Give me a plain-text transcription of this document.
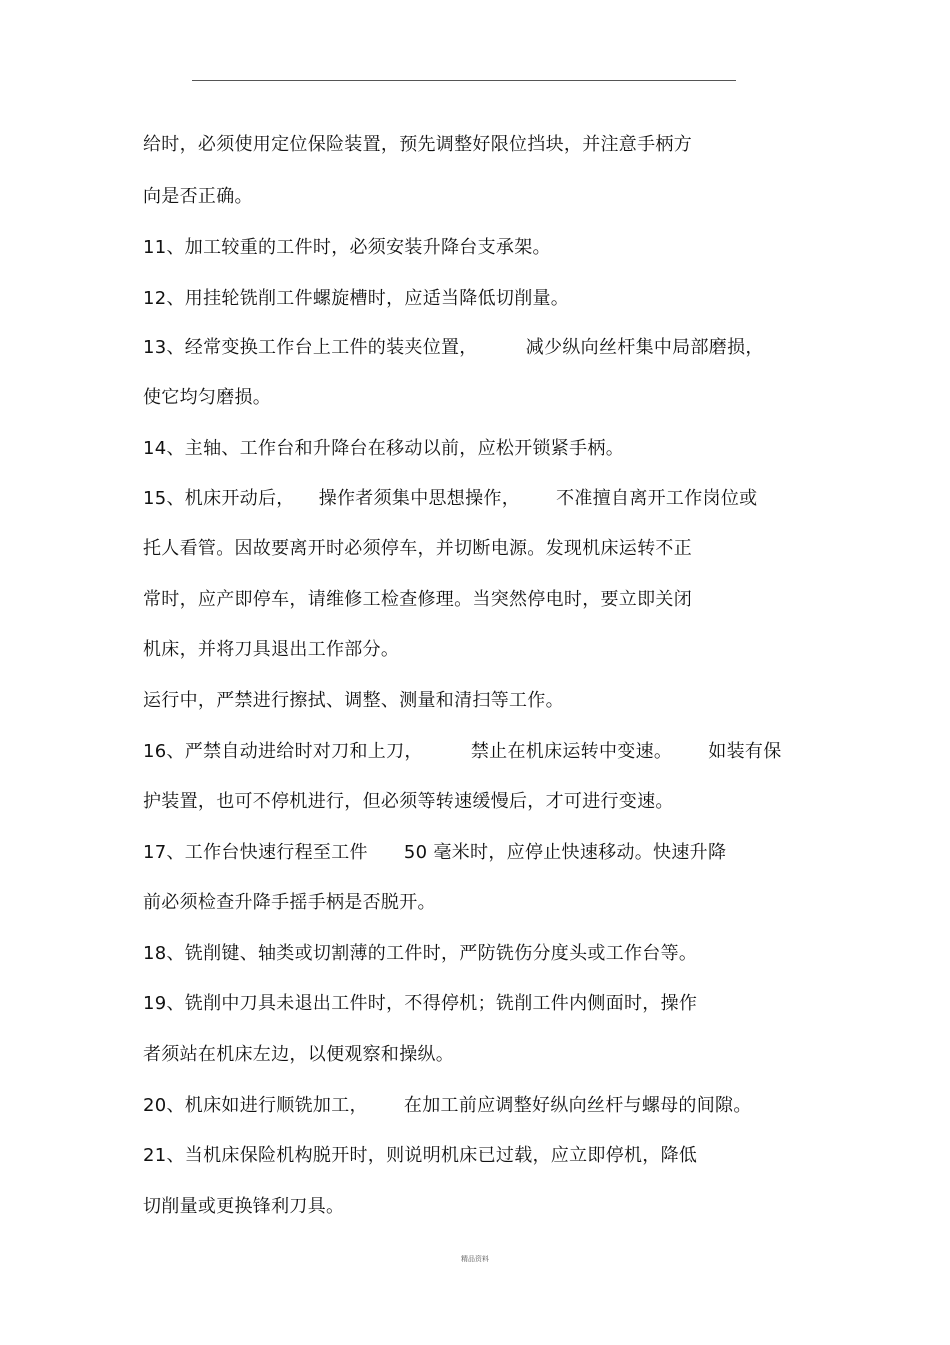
给时，必须使用定位保险装置，预先调整好限位挡块，并注意手柄方
向是否正确。
11、加工较重的工件时，必须安装升降台支承架。
12、用挂轮铣削工件螺旋槽时，应适当降低切削量。
13、经常变换工作台上工件的装夹位置，        减少纵向丝杆集中局部磨损，
使它均匀磨损。
14、主轴、工作台和升降台在移动以前，应松开锁紧手柄。
15、机床开动后，    操作者须集中思想操作，      不准擅自离开工作岗位或
托人看管。因故要离开时必须停车，并切断电源。发现机床运转不正
常时，应产即停车，请维修工检查修理。当突然停电时，要立即关闭
机床，并将刀具退出工作部分。
运行中，严禁进行擦拭、调整、测量和清扫等工作。
16、严禁自动进给时对刀和上刀，        禁止在机床运转中变速。      如装有保
护装置，也可不停机进行，但必须等转速缓慢后，才可进行变速。
17、工作台快速行程至工件      50 毫米时，应停止快速移动。快速升降
前必须检查升降手摇手柄是否脱开。
18、铣削键、轴类或切割薄的工件时，严防铣伤分度头或工作台等。
19、铣削中刀具未退出工件时，不得停机；铣削工件内侧面时，操作
者须站在机床左边，以便观察和操纵。
20、机床如进行顺铣加工，      在加工前应调整好纵向丝杆与螺母的间隙。
21、当机床保险机构脱开时，则说明机床已过载，应立即停机，降低
切削量或更换锋利刀具。
精品资料
